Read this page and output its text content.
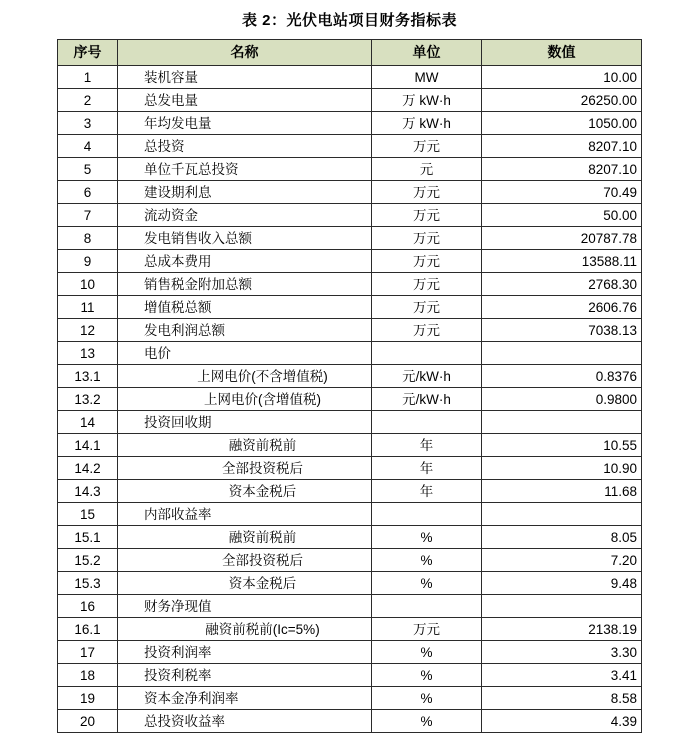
表 2：光伏电站项目财务指标表
序号	名称	单位	数值
1	装机容量	MW	10.00
2	总发电量	万 kW·h	26250.00
3	年均发电量	万 kW·h	1050.00
4	总投资	万元	8207.10
5	单位千瓦总投资	元	8207.10
6	建设期利息	万元	70.49
7	流动资金	万元	50.00
8	发电销售收入总额	万元	20787.78
9	总成本费用	万元	13588.11
10	销售税金附加总额	万元	2768.30
11	增值税总额	万元	2606.76
12	发电利润总额	万元	7038.13
13	电价		
13.1	上网电价(不含增值税)	元/kW·h	0.8376
13.2	上网电价(含增值税)	元/kW·h	0.9800
14	投资回收期		
14.1	融资前税前	年	10.55
14.2	全部投资税后	年	10.90
14.3	资本金税后	年	11.68
15	内部收益率		
15.1	融资前税前	%	8.05
15.2	全部投资税后	%	7.20
15.3	资本金税后	%	9.48
16	财务净现值		
16.1	融资前税前(Ic=5%)	万元	2138.19
17	投资利润率	%	3.30
18	投资利税率	%	3.41
19	资本金净利润率	%	8.58
20	总投资收益率	%	4.39
